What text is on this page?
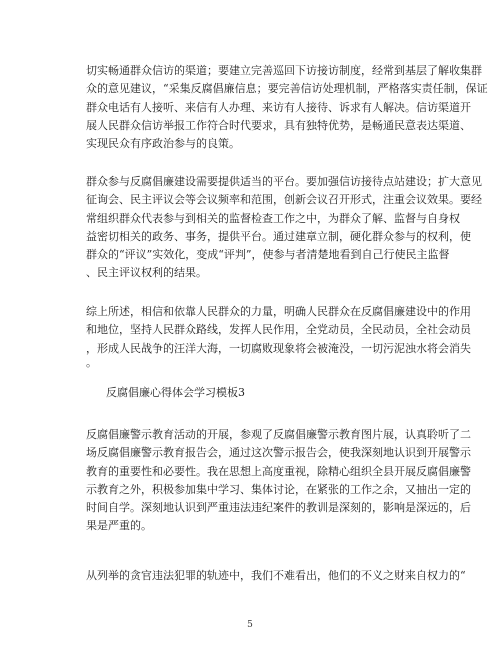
切实畅通群众信访的渠道；要建立完善巡回下访接访制度，经常到基层了解收集群
众的意见建议，“采集反腐倡廉信息；要完善信访处理机制，严格落实责任制，保证
群众电话有人接听、来信有人办理、来访有人接待、诉求有人解决。信访渠道开
展人民群众信访举报工作符合时代要求，具有独特优势，是畅通民意表达渠道、
实现民众有序政治参与的良策。
群众参与反腐倡廉建设需要提供适当的平台。要加强信访接待点站建设；扩大意见
征询会、民主评议会等会议频率和范围，创新会议召开形式，注重会议效果。要经
常组织群众代表参与到相关的监督检查工作之中，为群众了解、监督与自身权
益密切相关的政务、事务，提供平台。通过建章立制，硬化群众参与的权利，使
群众的“评议”实效化，变成“评判”，使参与者清楚地看到自己行使民主监督
、民主评议权利的结果。
综上所述，相信和依靠人民群众的力量，明确人民群众在反腐倡廉建设中的作用
和地位，坚持人民群众路线，发挥人民作用，全党动员，全民动员，全社会动员
，形成人民战争的汪洋大海，一切腐败现象将会被淹没，一切污泥浊水将会消失
。
反腐倡廉心得体会学习模板3
反腐倡廉警示教育活动的开展，参观了反腐倡廉警示教育图片展，认真聆听了二
场反腐倡廉警示教育报告会，通过这次警示报告会，使我深刻地认识到开展警示
教育的重要性和必要性。我在思想上高度重视，除精心组织全县开展反腐倡廉警
示教育之外，积极参加集中学习、集体讨论，在紧张的工作之余，又抽出一定的
时间自学。深刻地认识到严重违法违纪案件的教训是深刻的，影响是深远的，后
果是严重的。
从列举的贪官违法犯罪的轨迹中，我们不难看出，他们的不义之财来自权力的“
5
